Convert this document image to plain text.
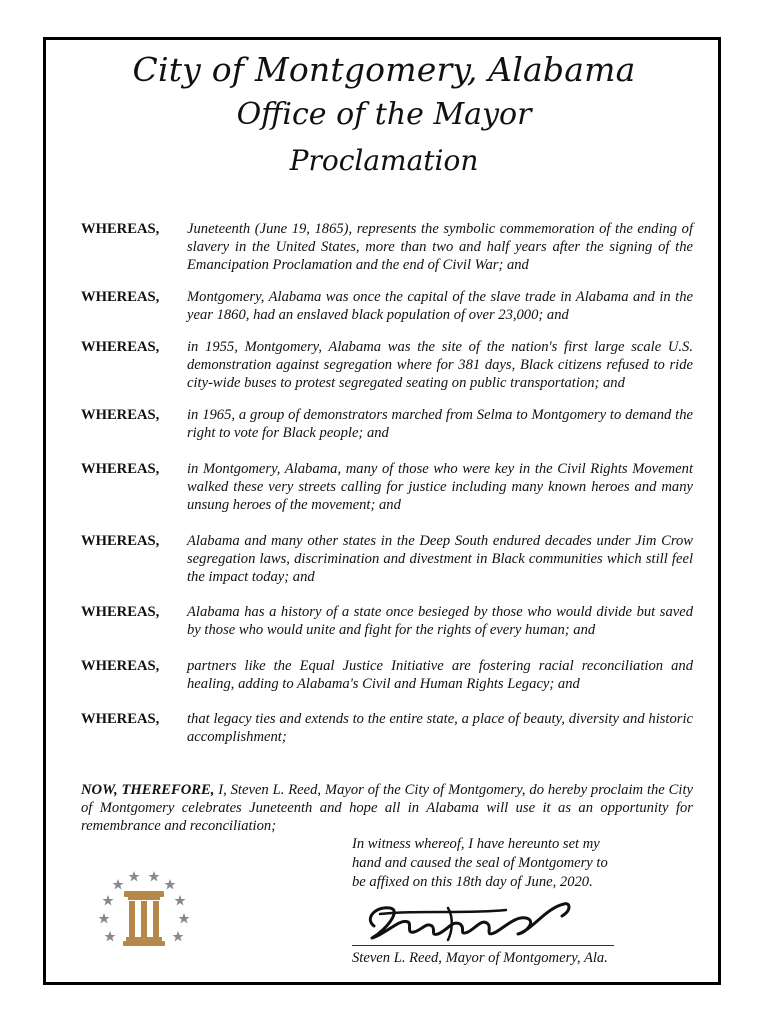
City of Montgomery, Alabama
Office of the Mayor
Proclamation
WHEREAS,	Juneteenth (June 19, 1865), represents the symbolic commemoration of the ending of slavery in the United States, more than two and half years after the signing of the Emancipation Proclamation and the end of Civil War; and
WHEREAS,	Montgomery, Alabama was once the capital of the slave trade in Alabama and in the year 1860, had an enslaved black population of over 23,000; and
WHEREAS,	in 1955, Montgomery, Alabama was the site of the nation's first large scale U.S. demonstration against segregation where for 381 days, Black citizens refused to ride city-wide buses to protest segregated seating on public transportation; and
WHEREAS,	in 1965, a group of demonstrators marched from Selma to Montgomery to demand the right to vote for Black people; and
WHEREAS,	in Montgomery, Alabama, many of those who were key in the Civil Rights Movement walked these very streets calling for justice including many known heroes and many unsung heroes of the movement; and
WHEREAS,	Alabama and many other states in the Deep South endured decades under Jim Crow segregation laws, discrimination and divestment in Black communities which still feel the impact today; and
WHEREAS,	Alabama has a history of a state once besieged by those who would divide but saved by those who would unite and fight for the rights of every human; and
WHEREAS,	partners like the Equal Justice Initiative are fostering racial reconciliation and healing, adding to Alabama's Civil and Human Rights Legacy; and
WHEREAS,	that legacy ties and extends to the entire state, a place of beauty, diversity and historic accomplishment;
NOW, THEREFORE, I, Steven L. Reed, Mayor of the City of Montgomery, do hereby proclaim the City of Montgomery celebrates Juneteenth and hope all in Alabama will use it as an opportunity for remembrance and reconciliation;
In witness whereof, I have hereunto set my
hand and caused the seal of Montgomery to
be affixed on this 18th day of June, 2020.
Steven L. Reed, Mayor of Montgomery, Ala.
